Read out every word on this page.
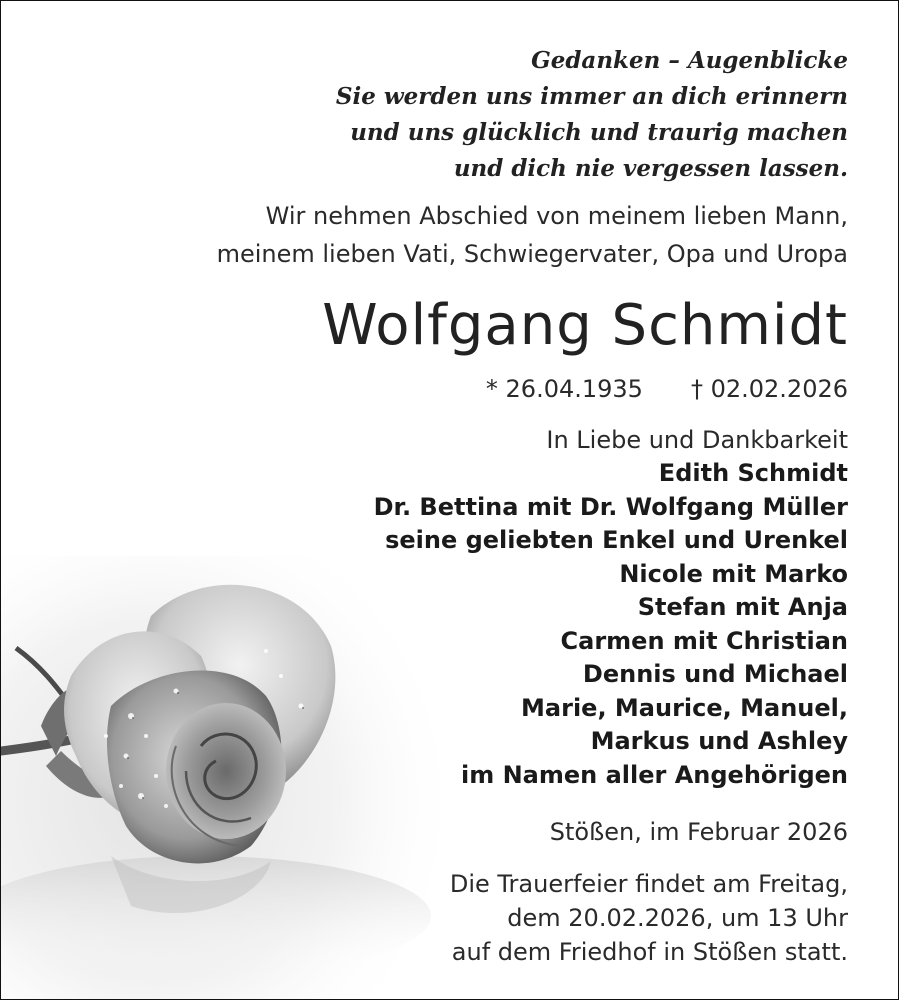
Gedanken – Augenblicke
Sie werden uns immer an dich erinnern
und uns glücklich und traurig machen
und dich nie vergessen lassen.
Wir nehmen Abschied von meinem lieben Mann,
meinem lieben Vati, Schwiegervater, Opa und Uropa
Wolfgang Schmidt
* 26.04.1935 † 02.02.2026
In Liebe und Dankbarkeit
Edith Schmidt
Dr. Bettina mit Dr. Wolfgang Müller
seine geliebten Enkel und Urenkel
Nicole mit Marko
Stefan mit Anja
Carmen mit Christian
Dennis und Michael
Marie, Maurice, Manuel,
Markus und Ashley
im Namen aller Angehörigen
Stößen, im Februar 2026
Die Trauerfeier findet am Freitag,
dem 20.02.2026, um 13 Uhr
auf dem Friedhof in Stößen statt.
